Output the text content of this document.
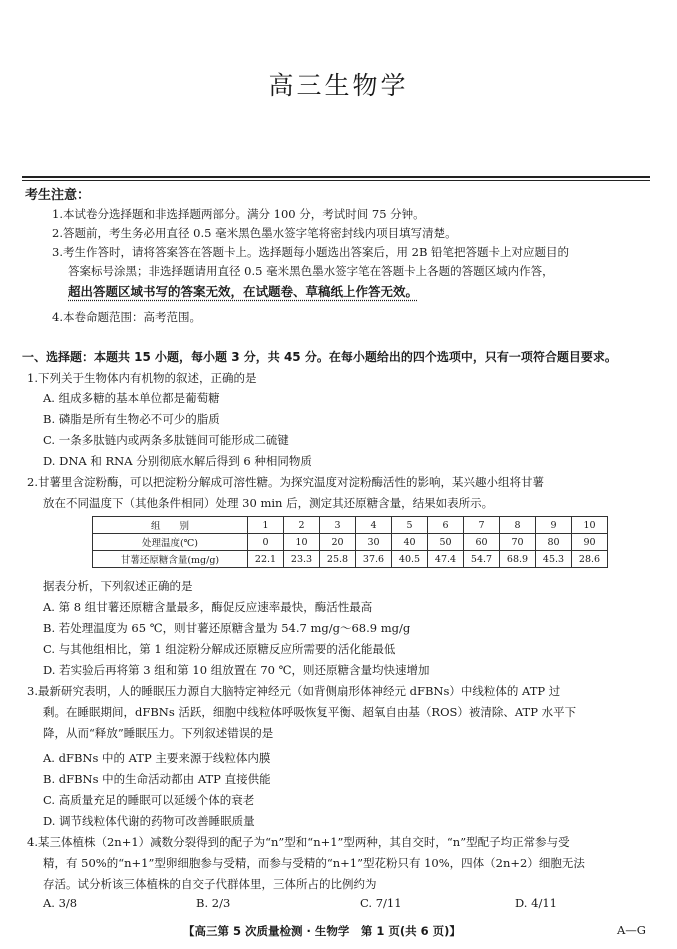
高三生物学
考生注意：
1.本试卷分选择题和非选择题两部分。满分 100 分，考试时间 75 分钟。
2.答题前，考生务必用直径 0.5 毫米黑色墨水签字笔将密封线内项目填写清楚。
3.考生作答时，请将答案答在答题卡上。选择题每小题选出答案后，用 2B 铅笔把答题卡上对应题目的
答案标号涂黑；非选择题请用直径 0.5 毫米黑色墨水签字笔在答题卡上各题的答题区域内作答，
超出答题区域书写的答案无效，在试题卷、草稿纸上作答无效。
4.本卷命题范围：高考范围。
一、选择题：本题共 15 小题，每小题 3 分，共 45 分。在每小题给出的四个选项中，只有一项符合题目要求。
1.下列关于生物体内有机物的叙述，正确的是
A. 组成多糖的基本单位都是葡萄糖
B. 磷脂是所有生物必不可少的脂质
C. 一条多肽链内或两条多肽链间可能形成二硫键
D. DNA 和 RNA 分别彻底水解后得到 6 种相同物质
2.甘薯里含淀粉酶，可以把淀粉分解成可溶性糖。为探究温度对淀粉酶活性的影响，某兴趣小组将甘薯
放在不同温度下（其他条件相同）处理 30 min 后，测定其还原糖含量，结果如表所示。
组　　别	1	2	3	4	5	6	7	8	9	10
处理温度(℃)	0	10	20	30	40	50	60	70	80	90
甘薯还原糖含量(mg/g)	22.1	23.3	25.8	37.6	40.5	47.4	54.7	68.9	45.3	28.6
据表分析，下列叙述正确的是
A. 第 8 组甘薯还原糖含量最多，酶促反应速率最快，酶活性最高
B. 若处理温度为 65 ℃，则甘薯还原糖含量为 54.7 mg/g～68.9 mg/g
C. 与其他组相比，第 1 组淀粉分解成还原糖反应所需要的活化能最低
D. 若实验后再将第 3 组和第 10 组放置在 70 ℃，则还原糖含量均快速增加
3.最新研究表明，人的睡眠压力源自大脑特定神经元（如背侧扇形体神经元 dFBNs）中线粒体的 ATP 过
剩。在睡眠期间，dFBNs 活跃，细胞中线粒体呼吸恢复平衡、超氧自由基（ROS）被清除、ATP 水平下
降，从而“释放”睡眠压力。下列叙述错误的是
A. dFBNs 中的 ATP 主要来源于线粒体内膜
B. dFBNs 中的生命活动都由 ATP 直接供能
C. 高质量充足的睡眠可以延缓个体的衰老
D. 调节线粒体代谢的药物可改善睡眠质量
4.某三体植株（2n+1）减数分裂得到的配子为“n”型和“n+1”型两种，其自交时，“n”型配子均正常参与受
精，有 50%的“n+1”型卵细胞参与受精，而参与受精的“n+1”型花粉只有 10%，四体（2n+2）细胞无法
存活。试分析该三体植株的自交子代群体里，三体所占的比例约为
A. 3/8	B. 2/3	C. 7/11	D. 4/11
【高三第 5 次质量检测 · 生物学　第 1 页(共 6 页)】	A—G
